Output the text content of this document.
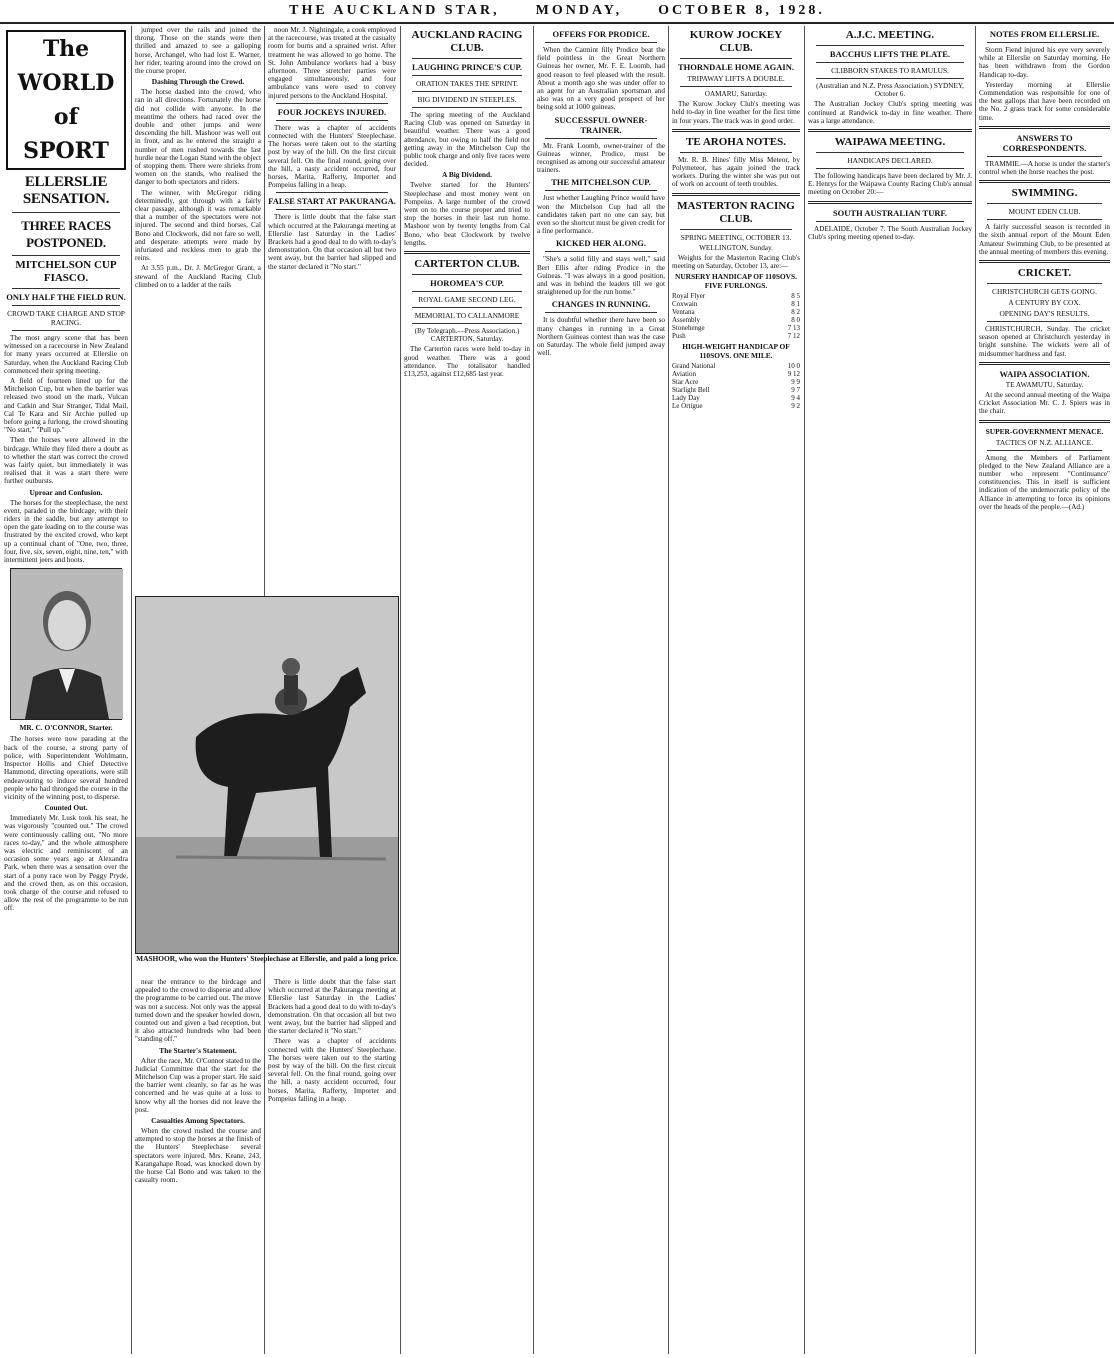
THE AUCKLAND STAR,	MONDAY,	OCTOBER 8, 1928.
The WORLD of SPORT
ELLERSLIE SENSATION.
THREE RACES POSTPONED.
MITCHELSON CUP FIASCO.
ONLY HALF THE FIELD RUN.
CROWD TAKE CHARGE AND STOP RACING.

The most angry scene that has been witnessed on a racecourse in New Zealand for many years occurred at Ellerslie on Saturday, when the Auckland Racing Club commenced their spring meeting.

A field of fourteen lined up for the Mitchelson Cup, but when the barrier was released two stood on the mark, Vulcan and Catkin and Star Stranger, Tidal Mail, Cal Te Kara and Sir Archie pulled up before going a furlong, the crowd shouting "No start," "Pull up."

Then the horses were allowed in the birdcage. While they filed there a doubt as to whether the start was correct the crowd was fairly quiet, but immediately it was realised that it was a start there were further outbursts.

Uproar and Confusion.

The horses for the steeplechase, the next event, paraded in the birdcage, with their riders in the saddle, but any attempt to open the gate leading on to the course was frustrated by the excited crowd, who kept up a continual chant of "One, two, three, four, five, six, seven, eight, nine, ten," with intermittent jeers and hoots.

MR. C. O'CONNOR, Starter.

The horses were now parading at the back of the course, a strong party of police, with Superintendent Wohlmann, Inspector Hollis and Chief Detective Hammond, directing operations, were still endeavouring to induce several hundred people who had thronged the course in the vicinity of the winning post, to disperse.

Counted Out.

Immediately Mr. Lusk took his seat, he was vigorously "counted out." The crowd were continuously calling out, "No more races to-day," and the whole atmosphere was electric and reminiscent of an occasion some years ago at Alexandra Park, when there was a sensation over the start of a pony race won by Peggy Pryde, and the crowd then, as on this occasion, took charge of the course and refused to allow the rest of the programme to be run off.

jumped over the rails and joined the throng. Those on the stands were then thrilled and amazed to see a galloping horse, Archangel, who had lost E. Warner, her rider, tearing around into the crowd on the course proper.

Dashing Through the Crowd.

The horse dashed into the crowd, who ran in all directions. Fortunately the horse did not collide with anyone. In the meantime the others had raced over the double and other jumps and were descending the hill. Mashoor was well out in front, and as he entered the straight a number of men rushed towards the last hurdle near the Logan Stand with the object of stopping them. There were shrieks from women on the stands, who realised the danger to both spectators and riders.

The winner, with McGregor riding determinedly, got through with a fairly clear passage, although it was remarkable that a number of the spectators were not injured. The second and third horses, Cal Bono and Clockwork, did not fare so well, and desperate attempts were made by infuriated and reckless men to grab the reins.

At 3.55 p.m., Dr. J. McGregor Grant, a steward of the Auckland Racing Club climbed on to a ladder at the rails

noon Mr. J. Nightingale, a cook employed at the racecourse, was treated at the casualty room for burns and a sprained wrist. After treatment he was allowed to go home. The St. John Ambulance workers had a busy afternoon. Three stretcher parties were engaged simultaneously, and four ambulance vans were used to convey injured persons to the Auckland Hospital.

FOUR JOCKEYS INJURED.

There was a chapter of accidents connected with the Hunters' Steeplechase. The horses were taken out to the starting post by way of the hill. On the first circuit several fell. On the final round, going over the hill, a nasty accident occurred, four horses, Marita, Rafferty, Importer and Pompeius falling in a heap.

FALSE START AT PAKURANGA.

There is little doubt that the false start which occurred at the Pakuranga meeting at Ellerslie last Saturday in the Ladies' Brackets had a good deal to do with to-day's demonstration. On that occasion all but two went away, but the barrier had slipped and the starter declared it "No start."

MASHOOR, who won the Hunters' Steeplechase at Ellerslie, and paid a long price.

near the entrance to the birdcage and appealed to the crowd to disperse and allow the programme to be carried out. The move was not a success. Not only was the appeal turned down and the speaker howled down, counted out and given a bad reception, but it also attracted hundreds who had been "standing off."

The Starter's Statement.

After the race, Mr. O'Connor stated to the Judicial Committee that the start for the Mitchelson Cup was a proper start. He said the barrier went cleanly, so far as he was concerned and he was quite at a loss to know why all the horses did not leave the post.

Casualties Among Spectators.

When the crowd rushed the course and attempted to stop the horses at the finish of the Hunters' Steeplechase several spectators were injured. Mrs. Keane, 243, Karangahape Road, was knocked down by the horse Cal Bono and was taken to the casualty room.

There is little doubt that the false start which occurred at the Pakuranga meeting at Ellerslie last Saturday in the Ladies' Brackets had a good deal to do with to-day's demonstration. On that occasion all but two went away, but the barrier had slipped and the starter declared it "No start."

There was a chapter of accidents connected with the Hunters' Steeplechase. The horses were taken out to the starting post by way of the hill. On the first circuit several fell. On the final round, going over the hill, a nasty accident occurred, four horses, Marita, Rafferty, Importer and Pompeius falling in a heap.

AUCKLAND RACING CLUB.
LAUGHING PRINCE'S CUP.
ORATION TAKES THE SPRINT.
BIG DIVIDEND IN STEEPLES.

The spring meeting of the Auckland Racing Club was opened on Saturday in beautiful weather. There was a good attendance, but owing to half the field not getting away in the Mitchelson Cup the public took charge and only five races were decided.

A Big Dividend.

Twelve started for the Hunters' Steeplechase and most money went on Pompeius. A large number of the crowd went on to the course proper and tried to stop the horses in their last run home. Mashoor won by twenty lengths from Cal Bono, who beat Clockwork by twelve lengths.

CARTERTON CLUB.
HOROMEA'S CUP.
ROYAL GAME SECOND LEG.
MEMORIAL TO CALLANMORE

(By Telegraph.—Press Association.) CARTERTON, Saturday.

The Carterton races were held to-day in good weather. There was a good attendance. The totalisator handled £13,253, against £12,685 last year.

OFFERS FOR PRODICE.

When the Catmint filly Prodice beat the field pointless in the Great Northern Guineas her owner, Mr. F. E. Loomb, had good reason to feel pleased with the result. About a month ago she was under offer to an agent for an Australian sportsman and also was on a very good prospect of her being sold at 1000 guineas.

SUCCESSFUL OWNER-TRAINER.

Mr. Frank Loomb, owner-trainer of the Guineas winner, Prodice, must be recognised as among our successful amateur trainers.

THE MITCHELSON CUP.

Just whether Laughing Prince would have won the Mitchelson Cup had all the candidates taken part no one can say, but even so the shortcut must be given credit for a fine performance.

KICKED HER ALONG.

"She's a solid filly and stays well," said Bert Ellis after riding Prodice in the Guineas. "I was always in a good position, and was in behind the leaders till we got straightened up for the run home."

CHANGES IN RUNNING.

It is doubtful whether there have been so many changes in running in a Great Northern Guineas contest than was the case on Saturday. The whole field jumped away well.

KUROW JOCKEY CLUB.
THORNDALE HOME AGAIN.
TRIPAWAY LIFTS A DOUBLE.

OAMARU, Saturday.

The Kurow Jockey Club's meeting was held to-day in fine weather for the first time in four years. The track was in good order.

TE AROHA NOTES.

Mr. R. B. Hines' filly Miss Meteor, by Polymeteor, has again joined the track workers. During the winter she was put out of work on account of teeth troubles.

MASTERTON RACING CLUB.
SPRING MEETING, OCTOBER 13.

WELLINGTON, Sunday.

Weights for the Masterton Racing Club's meeting on Saturday, October 13, are:—

NURSERY HANDICAP OF 110SOVS. FIVE FURLONGS.
Royal Flyer	8 5
Coxwain	8 1
Ventana	8 2
Assembly	8 0
Stonehenge	7 13
Push	7 12
HIGH-WEIGHT HANDICAP OF 110SOVS. ONE MILE.
Grand National	10 0
Aviation	9 12
Star Acre	9 9
Starlight Bell	9 7
Lady Day	9 4
Le Ortigue	9 2
A.J.C. MEETING.
BACCHUS LIFTS THE PLATE.
CLIBBORN STAKES TO RAMULUS.

(Australian and N.Z. Press Association.) SYDNEY, October 6.

The Australian Jockey Club's spring meeting was continued at Randwick to-day in fine weather. There was a large attendance.

WAIPAWA MEETING.
HANDICAPS DECLARED.

The following handicaps have been declared by Mr. J. E. Henrys for the Waipawa County Racing Club's annual meeting on October 20:—

SOUTH AUSTRALIAN TURF.

ADELAIDE, October 7. The South Australian Jockey Club's spring meeting opened to-day.

NOTES FROM ELLERSLIE.

Storm Fiend injured his eye very severely while at Ellerslie on Saturday morning. He has been withdrawn from the Gordon Handicap to-day.

Yesterday morning at Ellerslie Commendation was responsible for one of the best gallops that have been recorded on the No. 2 grass track for some considerable time.

ANSWERS TO CORRESPONDENTS.

TRAMMIE.—A horse is under the starter's control when the horse reaches the post.

SWIMMING.
MOUNT EDEN CLUB.

A fairly successful season is recorded in the sixth annual report of the Mount Eden Amateur Swimming Club, to be presented at the annual meeting of members this evening.

CRICKET.
CHRISTCHURCH GETS GOING.
A CENTURY BY COX.
OPENING DAY'S RESULTS.

CHRISTCHURCH, Sunday. The cricket season opened at Christchurch yesterday in bright sunshine. The wickets were all of midsummer hardness and fast.

WAIPA ASSOCIATION.

TE AWAMUTU, Saturday.

At the second annual meeting of the Waipa Cricket Association Mr. C. J. Spiers was in the chair.

SUPER-GOVERNMENT MENACE.
TACTICS OF N.Z. ALLIANCE.

Among the Members of Parliament pledged to the New Zealand Alliance are a number who represent "Continuance" constituencies. This in itself is sufficient indication of the undemocratic policy of the Alliance in attempting to force its opinions over the heads of the people.—(Ad.)
